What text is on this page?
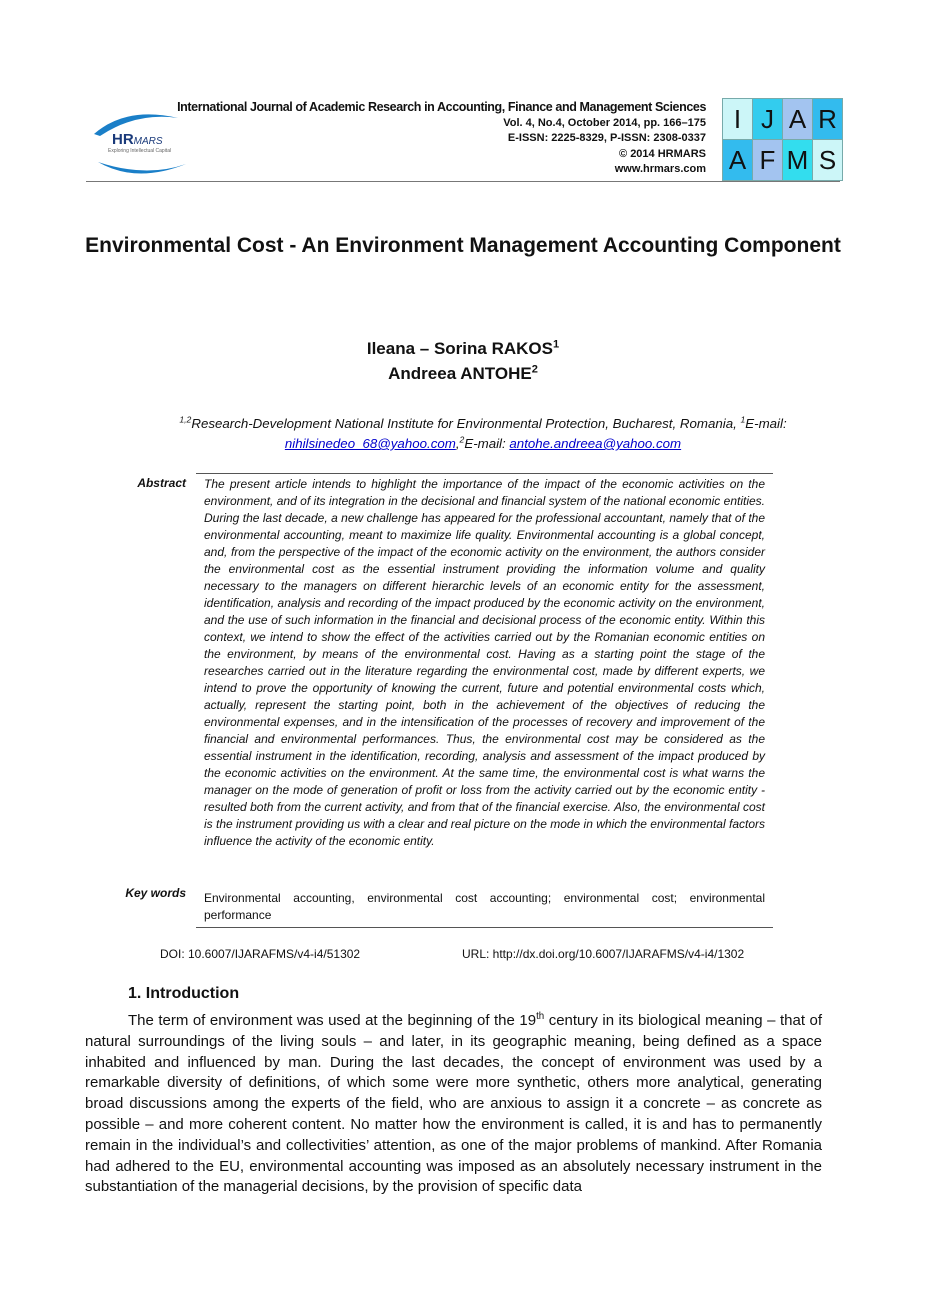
HRMARS
Exploring Intellectual Capital
International Journal of Academic Research in Accounting, Finance and Management Sciences
Vol. 4, No.4, October 2014, pp. 166–175
E-ISSN: 2225-8329, P-ISSN: 2308-0337
© 2014 HRMARS
www.hrmars.com
I J A R
A F M S
Environmental Cost - An Environment Management Accounting Component
Ileana – Sorina RAKOS$^1$
Andreea ANTOHE$^2$
$^{1,2}$Research-Development National Institute for Environmental Protection, Bucharest, Romania, $^1$E-mail: nihilsinedeo_68@yahoo.com,$^2$E-mail: antohe.andreea@yahoo.com
Abstract The present article intends to highlight the importance of the impact of the economic activities on the environment, and of its integration in the decisional and financial system of the national economic entities. During the last decade, a new challenge has appeared for the professional accountant, namely that of the environmental accounting, meant to maximize life quality. Environmental accounting is a global concept, and, from the perspective of the impact of the economic activity on the environment, the authors consider the environmental cost as the essential instrument providing the information volume and quality necessary to the managers on different hierarchic levels of an economic entity for the assessment, identification, analysis and recording of the impact produced by the economic activity on the environment, and the use of such information in the financial and decisional process of the economic entity. Within this context, we intend to show the effect of the activities carried out by the Romanian economic entities on the environment, by means of the environmental cost. Having as a starting point the stage of the researches carried out in the literature regarding the environmental cost, made by different experts, we intend to prove the opportunity of knowing the current, future and potential environmental costs which, actually, represent the starting point, both in the achievement of the objectives of reducing the environmental expenses, and in the intensification of the processes of recovery and improvement of the financial and environmental performances. Thus, the environmental cost may be considered as the essential instrument in the identification, recording, analysis and assessment of the impact produced by the economic activities on the environment. At the same time, the environmental cost is what warns the manager on the mode of generation of profit or loss from the activity carried out by the economic entity - resulted both from the current activity, and from that of the financial exercise. Also, the environmental cost is the instrument providing us with a clear and real picture on the mode in which the environmental factors influence the activity of the economic entity.
Key words Environmental accounting, environmental cost accounting; environmental cost; environmental performance
DOI: 10.6007/IJARAFMS/v4-i4/51302	URL: http://dx.doi.org/10.6007/IJARAFMS/v4-i4/1302
1. Introduction
The term of environment was used at the beginning of the 19th century in its biological meaning – that of natural surroundings of the living souls – and later, in its geographic meaning, being defined as a space inhabited and influenced by man. During the last decades, the concept of environment was used by a remarkable diversity of definitions, of which some were more synthetic, others more analytical, generating broad discussions among the experts of the field, who are anxious to assign it a concrete – as concrete as possible – and more coherent content. No matter how the environment is called, it is and has to permanently remain in the individual’s and collectivities’ attention, as one of the major problems of mankind. After Romania had adhered to the EU, environmental accounting was imposed as an absolutely necessary instrument in the substantiation of the managerial decisions, by the provision of specific data
